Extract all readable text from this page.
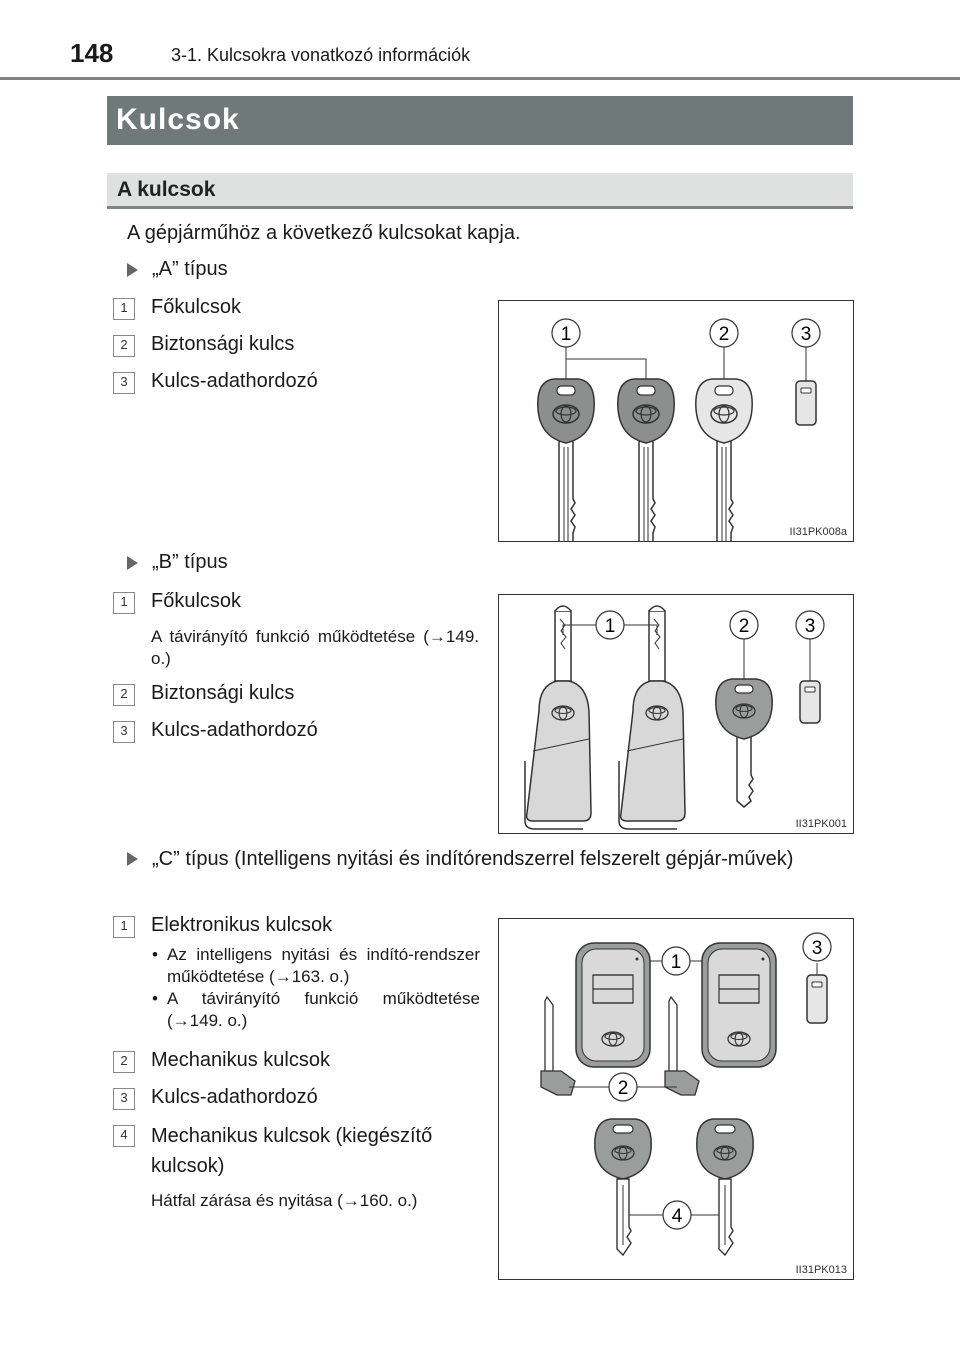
148	3-1. Kulcsokra vonatkozó információk
Kulcsok
A kulcsok
A gépjárműhöz a következő kulcsokat kapja.
„A” típus
1	Főkulcsok
2	Biztonsági kulcs
3	Kulcs-adathordozó
1	2	3
II31PK008a
„B” típus
1	Főkulcsok
A távirányító funkció működtetése (→149. o.)
2	Biztonsági kulcs
3	Kulcs-adathordozó
1	2	3
II31PK001
„C” típus (Intelligens nyitási és indítórendszerrel felszerelt gépjár-művek)
1	Elektronikus kulcsok
• Az intelligens nyitási és indító-rendszer működtetése (→163. o.)
• A távirányító funkció működtetése (→149. o.)
2	Mechanikus kulcsok
3	Kulcs-adathordozó
4	Mechanikus kulcsok (kiegészítő kulcsok)
Hátfal zárása és nyitása (→160. o.)
1
2
3
4
II31PK013
